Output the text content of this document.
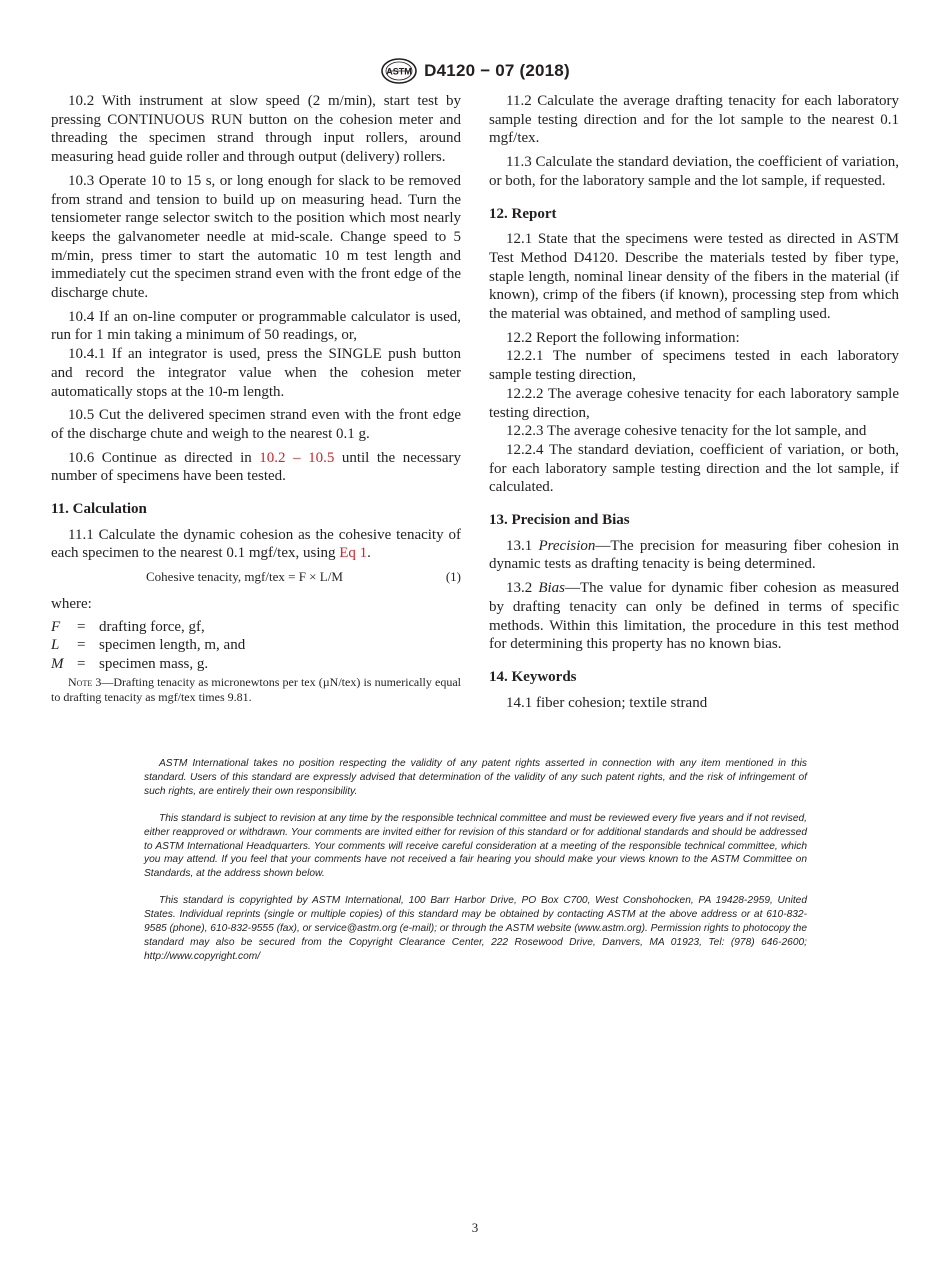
ASTM D4120 − 07 (2018)

10.2 With instrument at slow speed (2 m/min), start test by pressing CONTINUOUS RUN button on the cohesion meter and threading the specimen strand through input rollers, around measuring head guide roller and through output (delivery) rollers.

10.3 Operate 10 to 15 s, or long enough for slack to be removed from strand and tension to build up on measuring head. Turn the tensiometer range selector switch to the position which most nearly keeps the galvanometer needle at mid-scale. Change speed to 5 m/min, press timer to start the automatic 10 m test length and immediately cut the specimen strand even with the front edge of the discharge chute.

10.4 If an on-line computer or programmable calculator is used, run for 1 min taking a minimum of 50 readings, or,

10.4.1 If an integrator is used, press the SINGLE push button and record the integrator value when the cohesion meter automatically stops at the 10-m length.

10.5 Cut the delivered specimen strand even with the front edge of the discharge chute and weigh to the nearest 0.1 g.

10.6 Continue as directed in 10.2 – 10.5 until the necessary number of specimens have been tested.

11. Calculation

11.1 Calculate the dynamic cohesion as the cohesive tenacity of each specimen to the nearest 0.1 mgf/tex, using Eq 1.

Cohesive tenacity, mgf/tex = F × L/M	(1)
where:
F	= drafting force, gf,
L	= specimen length, m, and
M = specimen mass, g.
Note 3—Drafting tenacity as micronewtons per tex (µN/tex) is numerically equal to drafting tenacity as mgf/tex times 9.81.

11.2 Calculate the average drafting tenacity for each laboratory sample testing direction and for the lot sample to the nearest 0.1 mgf/tex.

11.3 Calculate the standard deviation, the coefficient of variation, or both, for the laboratory sample and the lot sample, if requested.

12. Report

12.1 State that the specimens were tested as directed in ASTM Test Method D4120. Describe the materials tested by fiber type, staple length, nominal linear density of the fibers in the material (if known), crimp of the fibers (if known), processing step from which the material was obtained, and method of sampling used.

12.2 Report the following information:

12.2.1 The number of specimens tested in each laboratory sample testing direction,

12.2.2 The average cohesive tenacity for each laboratory sample testing direction,

12.2.3 The average cohesive tenacity for the lot sample, and

12.2.4 The standard deviation, coefficient of variation, or both, for each laboratory sample testing direction and the lot sample, if calculated.

13. Precision and Bias

13.1 Precision—The precision for measuring fiber cohesion in dynamic tests as drafting tenacity is being determined.

13.2 Bias—The value for dynamic fiber cohesion as measured by drafting tenacity can only be defined in terms of specific methods. Within this limitation, the procedure in this test method for determining this property has no known bias.

14. Keywords

14.1 fiber cohesion; textile strand

ASTM International takes no position respecting the validity of any patent rights asserted in connection with any item mentioned in this standard. Users of this standard are expressly advised that determination of the validity of any such patent rights, and the risk of infringement of such rights, are entirely their own responsibility.

This standard is subject to revision at any time by the responsible technical committee and must be reviewed every five years and if not revised, either reapproved or withdrawn. Your comments are invited either for revision of this standard or for additional standards and should be addressed to ASTM International Headquarters. Your comments will receive careful consideration at a meeting of the responsible technical committee, which you may attend. If you feel that your comments have not received a fair hearing you should make your views known to the ASTM Committee on Standards, at the address shown below.

This standard is copyrighted by ASTM International, 100 Barr Harbor Drive, PO Box C700, West Conshohocken, PA 19428-2959, United States. Individual reprints (single or multiple copies) of this standard may be obtained by contacting ASTM at the above address or at 610-832-9585 (phone), 610-832-9555 (fax), or service@astm.org (e-mail); or through the ASTM website (www.astm.org). Permission rights to photocopy the standard may also be secured from the Copyright Clearance Center, 222 Rosewood Drive, Danvers, MA 01923, Tel: (978) 646-2600; http://www.copyright.com/

3
